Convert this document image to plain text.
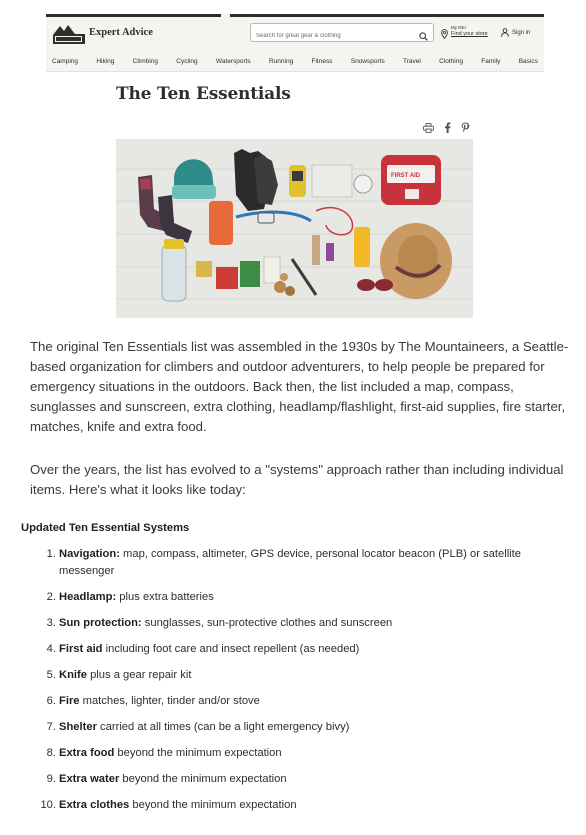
Expert Advice
Search for great gear & clothing	My REI
Find your store	Sign in
Camping	Hiking	Climbing	Cycling	Watersports	Running	Fitness	Snowsports	Travel	Clothing	Family	Basics
The Ten Essentials
FIRST AID

The original Ten Essentials list was assembled in the 1930s by The Mountaineers, a Seattle-based organization for climbers and outdoor adventurers, to help people be prepared for emergency situations in the outdoors. Back then, the list included a map, compass, sunglasses and sunscreen, extra clothing, headlamp/flashlight, first-aid supplies, fire starter, matches, knife and extra food.

Over the years, the list has evolved to a "systems" approach rather than including individual items. Here's what it looks like today:

Updated Ten Essential Systems
1. Navigation: map, compass, altimeter, GPS device, personal locator beacon (PLB) or satellite messenger
2. Headlamp: plus extra batteries
3. Sun protection: sunglasses, sun-protective clothes and sunscreen
4. First aid including foot care and insect repellent (as needed)
5. Knife plus a gear repair kit
6. Fire matches, lighter, tinder and/or stove
7. Shelter carried at all times (can be a light emergency bivy)
8. Extra food beyond the minimum expectation
9. Extra water beyond the minimum expectation
10. Extra clothes beyond the minimum expectation
